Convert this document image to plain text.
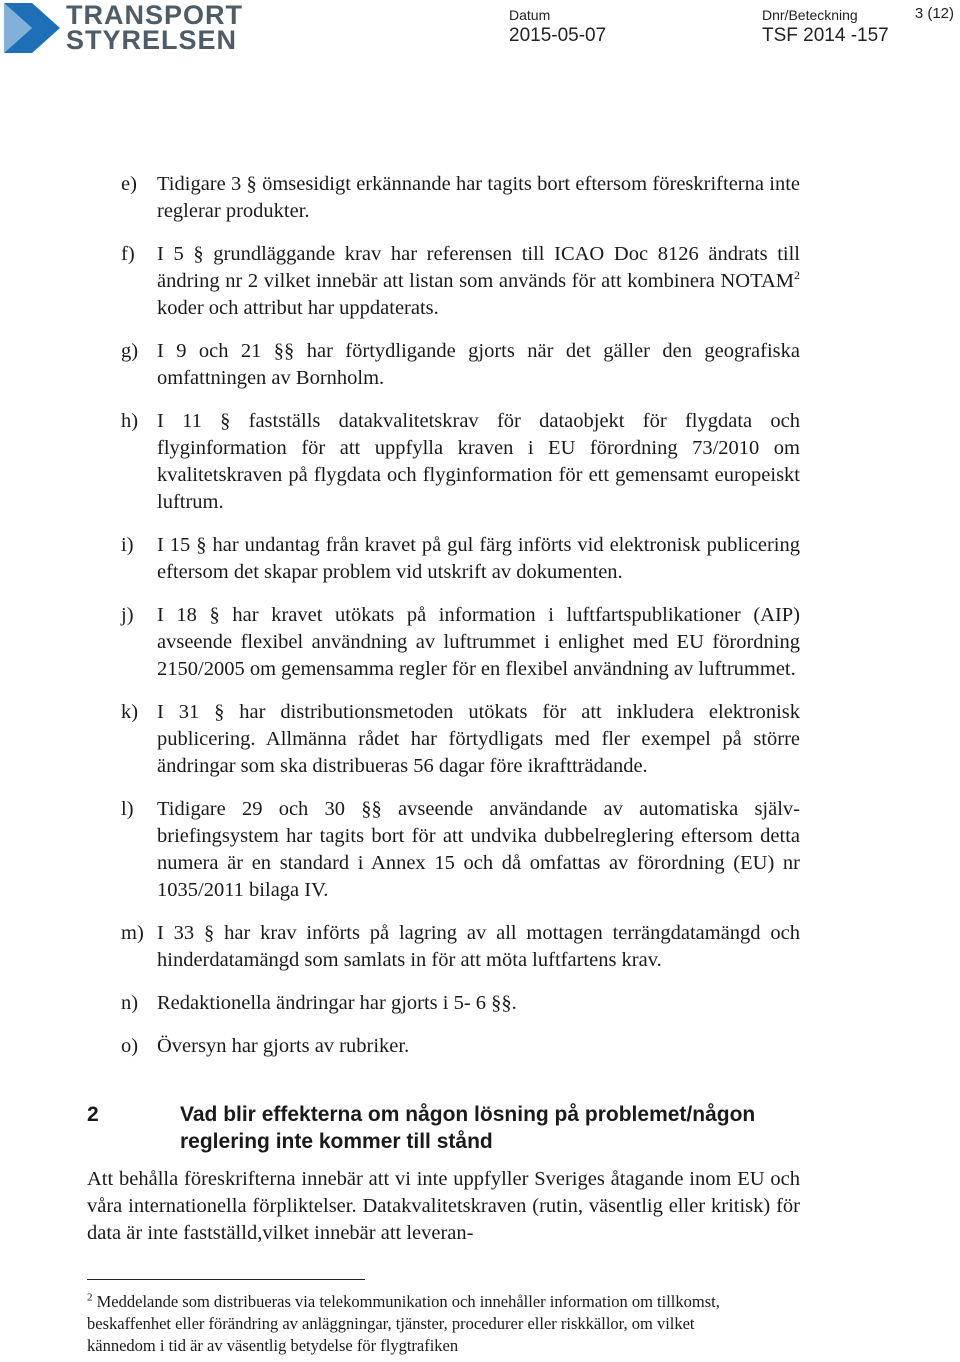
TRANSPORT
STYRELSEN
Datum
2015-05-07
Dnr/Beteckning
TSF 2014 -157
3 (12)
e) Tidigare 3 § ömsesidigt erkännande har tagits bort eftersom föreskrifterna inte reglerar produkter.
f) I 5 § grundläggande krav har referensen till ICAO Doc 8126 ändrats till ändring nr 2 vilket innebär att listan som används för att kombinera NOTAM$^2$ koder och attribut har uppdaterats.
g) I 9 och 21 §§ har förtydligande gjorts när det gäller den geografiska omfattningen av Bornholm.
h) I 11 § fastställs datakvalitetskrav för dataobjekt för flygdata och flyginformation för att uppfylla kraven i EU förordning 73/2010 om kvalitetskraven på flygdata och flyginformation för ett gemensamt europeiskt luftrum.
i) I 15 § har undantag från kravet på gul färg införts vid elektronisk publicering eftersom det skapar problem vid utskrift av dokumenten.
j) I 18 § har kravet utökats på information i luftfartspublikationer (AIP) avseende flexibel användning av luftrummet i enlighet med EU förordning 2150/2005 om gemensamma regler för en flexibel användning av luftrummet.
k) I 31 § har distributionsmetoden utökats för att inkludera elektronisk publicering. Allmänna rådet har förtydligats med fler exempel på större ändringar som ska distribueras 56 dagar före ikraftträdande.
l) Tidigare 29 och 30 §§ avseende användande av automatiska själv-briefingsystem har tagits bort för att undvika dubbelreglering eftersom detta numera är en standard i Annex 15 och då omfattas av förordning (EU) nr 1035/2011 bilaga IV.
m) I 33 § har krav införts på lagring av all mottagen terrängdatamängd och hinderdatamängd som samlats in för att möta luftfartens krav.
n) Redaktionella ändringar har gjorts i 5- 6 §§.
o) Översyn har gjorts av rubriker.
2	Vad blir effekterna om någon lösning på problemet/någon reglering inte kommer till stånd
Att behålla föreskrifterna innebär att vi inte uppfyller Sveriges åtagande inom EU och våra internationella förpliktelser. Datakvalitetskraven (rutin, väsentlig eller kritisk) för data är inte fastställd,vilket innebär att leveran-
$^2$ Meddelande som distribueras via telekommunikation och innehåller information om tillkomst, beskaffenhet eller förändring av anläggningar, tjänster, procedurer eller riskkällor, om vilket kännedom i tid är av väsentlig betydelse för flygtrafiken
